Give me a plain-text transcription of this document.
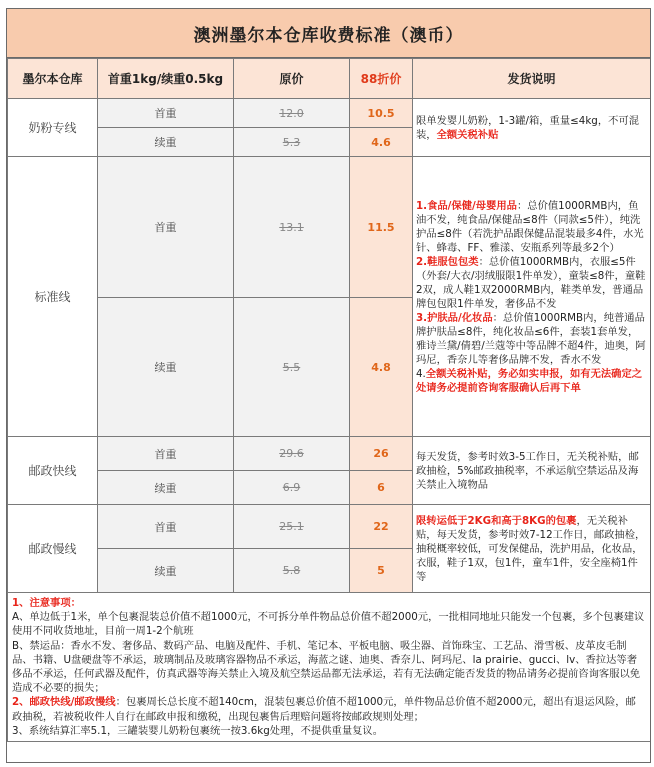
澳洲墨尔本仓库收费标准（澳币）
墨尔本仓库	首重1kg/续重0.5kg	原价	88折价	发货说明
奶粉专线	首重	12.0	10.5	限单发婴儿奶粉，1-3罐/箱，重量≤4kg，不可混装，全额关税补贴
	续重	5.3	4.6	
标准线	首重	13.1	11.5	1.食品/保健/母婴用品：总价值1000RMB内，鱼油不发，纯食品/保健品≤8件（同款≤5件），纯洗护品≤8件（若洗护品跟保健品混装最多4件，水光针、蜂毒、FF、雅漾、安瓶系列等最多2个）
2.鞋服包包类：总价值1000RMB内，衣服≤5件（外套/大衣/羽绒服限1件单发），童装≤8件，童鞋2双，成人鞋1双2000RMB内，鞋类单发，普通品牌包包限1件单发，奢侈品不发
3.护肤品/化妆品：总价值1000RMB内，纯普通品牌护肤品≤8件，纯化妆品≤6件，套装1套单发，雅诗兰黛/倩碧/兰蔻等中等品牌不超4件，迪奥，阿玛尼，香奈儿等奢侈品牌不发，香水不发
4.全额关税补贴，务必如实申报，如有无法确定之处请务必提前咨询客服确认后再下单

	续重	5.5	4.8	
邮政快线	首重	29.6	26	每天发货，参考时效3-5工作日，无关税补贴，邮政抽检，5%邮政抽税率，不承运航空禁运品及海关禁止入境物品
	续重	6.9	6	
邮政慢线	首重	25.1	22	限转运低于2KG和高于8KG的包裹，无关税补贴，每天发货，参考时效7-12工作日，邮政抽检，抽税概率较低，可发保健品，洗护用品，化妆品，衣服，鞋子1双，包1件，童车1件，安全座椅1件等
	续重	5.8	5	

1、注意事项：
A、单边低于1米，单个包裹混装总价值不超1000元，不可拆分单件物品总价值不超2000元，一批相同地址只能发一个包裹，多个包裹建议使用不同收货地址，目前一周1-2个航班
B、禁运品：香水不发、奢侈品、数码产品、电脑及配件、手机、笔记本、平板电脑、吸尘器、首饰珠宝、工艺品、滑雪板、皮革皮毛制品、书籍、U盘硬盘等不承运，玻璃制品及玻璃容器物品不承运，海蓝之谜、迪奥、香奈儿、阿玛尼、la prairie、gucci、lv、香拉达等奢侈品不承运，任何武器及配件，仿真武器等海关禁止入境及航空禁运品都无法承运，若有无法确定能否发货的物品请务必提前咨询客服以免造成不必要的损失；
2、邮政快线/邮政慢线：包裹周长总长度不超140cm，混装包裹总价值不超1000元，单件物品总价值不超2000元，超出有退运风险，邮政抽税，若被税收件人自行在邮政申报和缴税，出现包裹售后理赔问题将按邮政规则处理；
3、系统结算汇率5.1，三罐装婴儿奶粉包裹统一按3.6kg处理，不提供重量复议。				
